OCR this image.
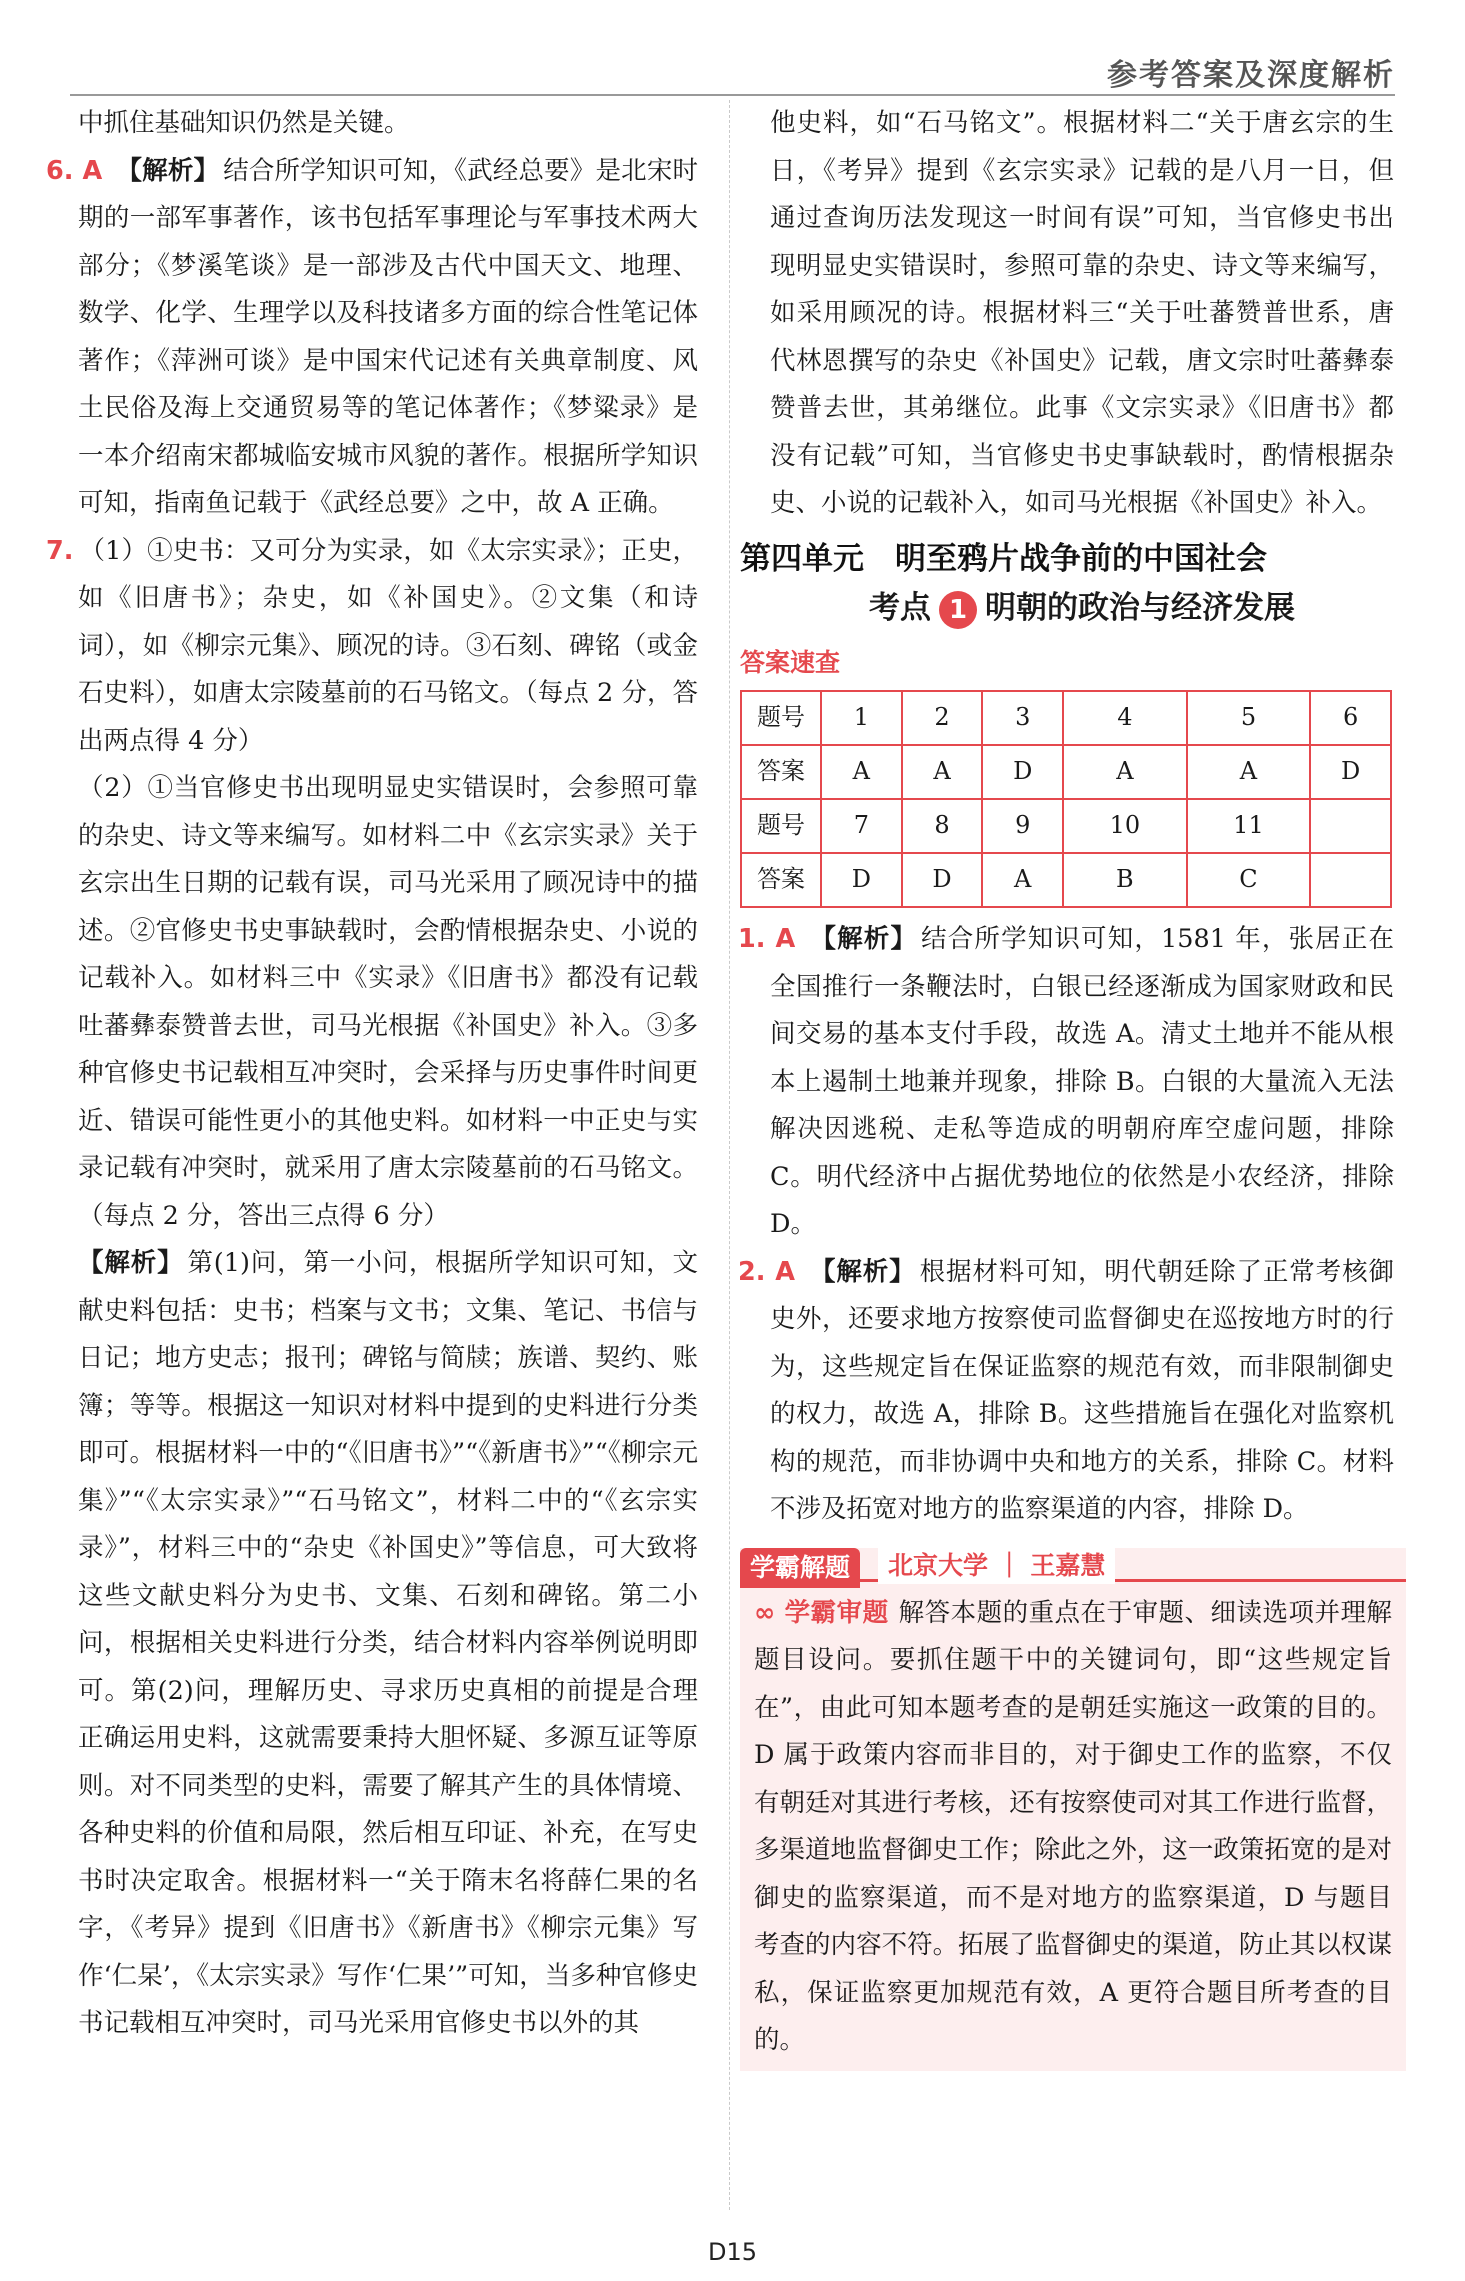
参考答案及深度解析

中抓住基础知识仍然是关键。

6. A 【解析】 结合所学知识可知，《武经总要》是北宋时期的一部军事著作，该书包括军事理论与军事技术两大部分；《梦溪笔谈》是一部涉及古代中国天文、地理、数学、化学、生理学以及科技诸多方面的综合性笔记体著作；《萍洲可谈》是中国宋代记述有关典章制度、风土民俗及海上交通贸易等的笔记体著作；《梦粱录》是一本介绍南宋都城临安城市风貌的著作。根据所学知识可知，指南鱼记载于《武经总要》之中，故 A 正确。

7. （1）①史书：又可分为实录，如《太宗实录》；正史，如《旧唐书》；杂史，如《补国史》。②文集（和诗词），如《柳宗元集》、顾况的诗。③石刻、碑铭（或金石史料），如唐太宗陵墓前的石马铭文。（每点 2 分，答出两点得 4 分）

（2）①当官修史书出现明显史实错误时，会参照可靠的杂史、诗文等来编写。如材料二中《玄宗实录》关于玄宗出生日期的记载有误，司马光采用了顾况诗中的描述。②官修史书史事缺载时，会酌情根据杂史、小说的记载补入。如材料三中《实录》《旧唐书》都没有记载吐蕃彝泰赞普去世，司马光根据《补国史》补入。③多种官修史书记载相互冲突时，会采择与历史事件时间更近、错误可能性更小的其他史料。如材料一中正史与实录记载有冲突时，就采用了唐太宗陵墓前的石马铭文。（每点 2 分，答出三点得 6 分）

【解析】 第(1)问，第一小问，根据所学知识可知，文献史料包括：史书；档案与文书；文集、笔记、书信与日记；地方史志；报刊；碑铭与简牍；族谱、契约、账簿；等等。根据这一知识对材料中提到的史料进行分类即可。根据材料一中的“《旧唐书》”“《新唐书》”“《柳宗元集》”“《太宗实录》”“石马铭文”，材料二中的“《玄宗实录》”，材料三中的“杂史《补国史》”等信息，可大致将这些文献史料分为史书、文集、石刻和碑铭。第二小问，根据相关史料进行分类，结合材料内容举例说明即可。第(2)问，理解历史、寻求历史真相的前提是合理正确运用史料，这就需要秉持大胆怀疑、多源互证等原则。对不同类型的史料，需要了解其产生的具体情境、各种史料的价值和局限，然后相互印证、补充，在写史书时决定取舍。根据材料一“关于隋末名将薛仁果的名字，《考异》提到《旧唐书》《新唐书》《柳宗元集》写作‘仁杲’，《太宗实录》写作‘仁果’”可知，当多种官修史书记载相互冲突时，司马光采用官修史书以外的其

他史料，如“石马铭文”。根据材料二“关于唐玄宗的生日，《考异》提到《玄宗实录》记载的是八月一日，但通过查询历法发现这一时间有误”可知，当官修史书出现明显史实错误时，参照可靠的杂史、诗文等来编写，如采用顾况的诗。根据材料三“关于吐蕃赞普世系，唐代林恩撰写的杂史《补国史》记载，唐文宗时吐蕃彝泰赞普去世，其弟继位。此事《文宗实录》《旧唐书》都没有记载”可知，当官修史书史事缺载时，酌情根据杂史、小说的记载补入，如司马光根据《补国史》补入。

第四单元　明至鸦片战争前的中国社会
考点 1 明朝的政治与经济发展
答案速查
题号	1	2	3	4	5	6
答案	A	A	D	A	A	D
题号	7	8	9	10	11	
答案	D	D	A	B	C	

1. A 【解析】 结合所学知识可知，1581 年，张居正在全国推行一条鞭法时，白银已经逐渐成为国家财政和民间交易的基本支付手段，故选 A。清丈土地并不能从根本上遏制土地兼并现象，排除 B。白银的大量流入无法解决因逃税、走私等造成的明朝府库空虚问题，排除 C。明代经济中占据优势地位的依然是小农经济，排除 D。

2. A 【解析】 根据材料可知，明代朝廷除了正常考核御史外，还要求地方按察使司监督御史在巡按地方时的行为，这些规定旨在保证监察的规范有效，而非限制御史的权力，故选 A，排除 B。这些措施旨在强化对监察机构的规范，而非协调中央和地方的关系，排除 C。材料不涉及拓宽对地方的监察渠道的内容，排除 D。

学霸解题	北京大学 ｜ 王嘉慧

∞ 学霸审题 解答本题的重点在于审题、细读选项并理解题目设问。要抓住题干中的关键词句，即“这些规定旨在”，由此可知本题考查的是朝廷实施这一政策的目的。D 属于政策内容而非目的，对于御史工作的监察，不仅有朝廷对其进行考核，还有按察使司对其工作进行监督，多渠道地监督御史工作；除此之外，这一政策拓宽的是对御史的监察渠道，而不是对地方的监察渠道，D 与题目考查的内容不符。拓展了监督御史的渠道，防止其以权谋私，保证监察更加规范有效，A 更符合题目所考查的目的。

D15
